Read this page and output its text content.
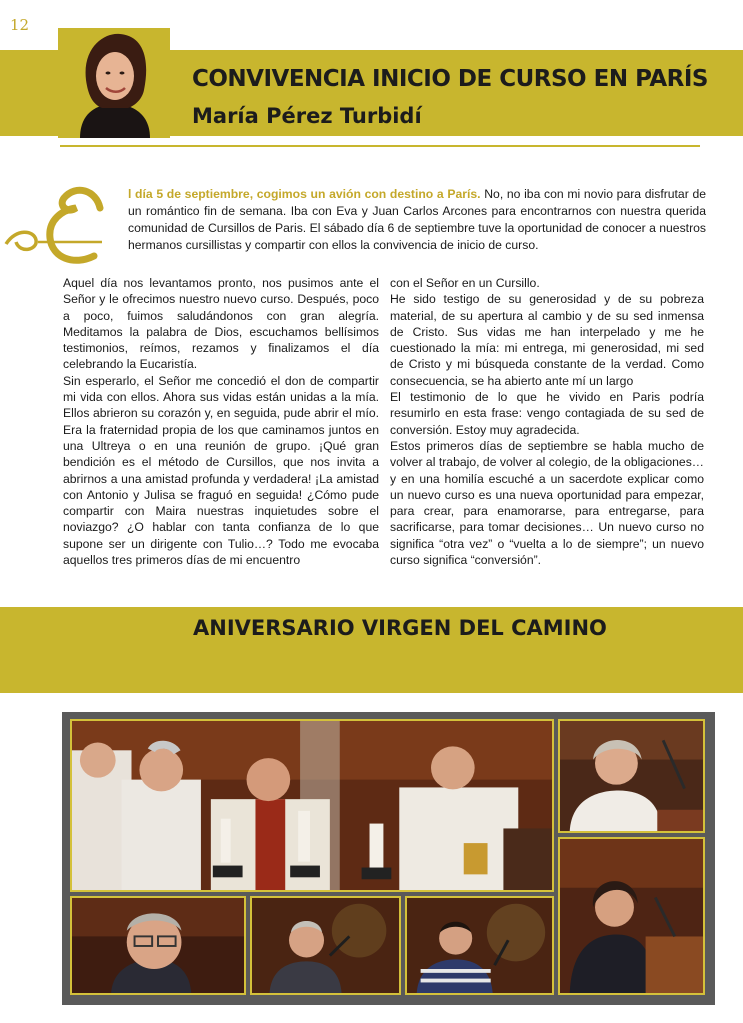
12
CONVIVENCIA INICIO DE CURSO EN PARÍS
María Pérez Turbidí
l día 5 de septiembre, cogimos un avión con destino a París. No, no iba con mi novio para disfrutar de un romántico fin de semana. Iba con Eva y Juan Carlos Arcones para encontrarnos con nuestra querida comunidad de Cursillos de Paris. El sábado día 6 de septiembre tuve la oportunidad de conocer a nuestros hermanos cursillistas y compartir con ellos la convivencia de inicio de curso.

Aquel día nos levantamos pronto, nos pusimos ante el Señor y le ofrecimos nuestro nuevo curso. Después, poco a poco, fuimos saludándonos con gran alegría. Meditamos la palabra de Dios, escuchamos bellísimos testimonios, reímos, rezamos y finalizamos el día celebrando la Eucaristía.

Sin esperarlo, el Señor me concedió el don de compartir mi vida con ellos. Ahora sus vidas están unidas a la mía. Ellos abrieron su corazón y, en seguida, pude abrir el mío. Era la fraternidad propia de los que caminamos juntos en una Ultreya o en una reunión de grupo. ¡Qué gran bendición es el método de Cursillos, que nos invita a abrirnos a una amistad profunda y verdadera! ¡La amistad con Antonio y Julisa se fraguó en seguida! ¿Cómo pude compartir con Maira nuestras inquietudes sobre el noviazgo? ¿O hablar con tanta confianza de lo que supone ser un dirigente con Tulio…? Todo me evocaba aquellos tres primeros días de mi encuentro

con el Señor en un Cursillo.

He sido testigo de su generosidad y de su pobreza material, de su apertura al cambio y de su sed inmensa de Cristo. Sus vidas me han interpelado y me he cuestionado la mía: mi entrega, mi generosidad, mi sed de Cristo y mi búsqueda constante de la verdad. Como consecuencia, se ha abierto ante mí un largo

El testimonio de lo que he vivido en Paris podría resumirlo en esta frase: vengo contagiada de su sed de conversión. Estoy muy agradecida.

Estos primeros días de septiembre se habla mucho de volver al trabajo, de volver al colegio, de la obligaciones… y en una homilía escuché a un sacerdote explicar como un nuevo curso es una nueva oportunidad para empezar, para crear, para enamorarse, para entregarse, para sacrificarse, para tomar decisiones… Un nuevo curso no significa “otra vez” o “vuelta a lo de siempre”; un nuevo curso significa “conversión”.

ANIVERSARIO VIRGEN DEL CAMINO
